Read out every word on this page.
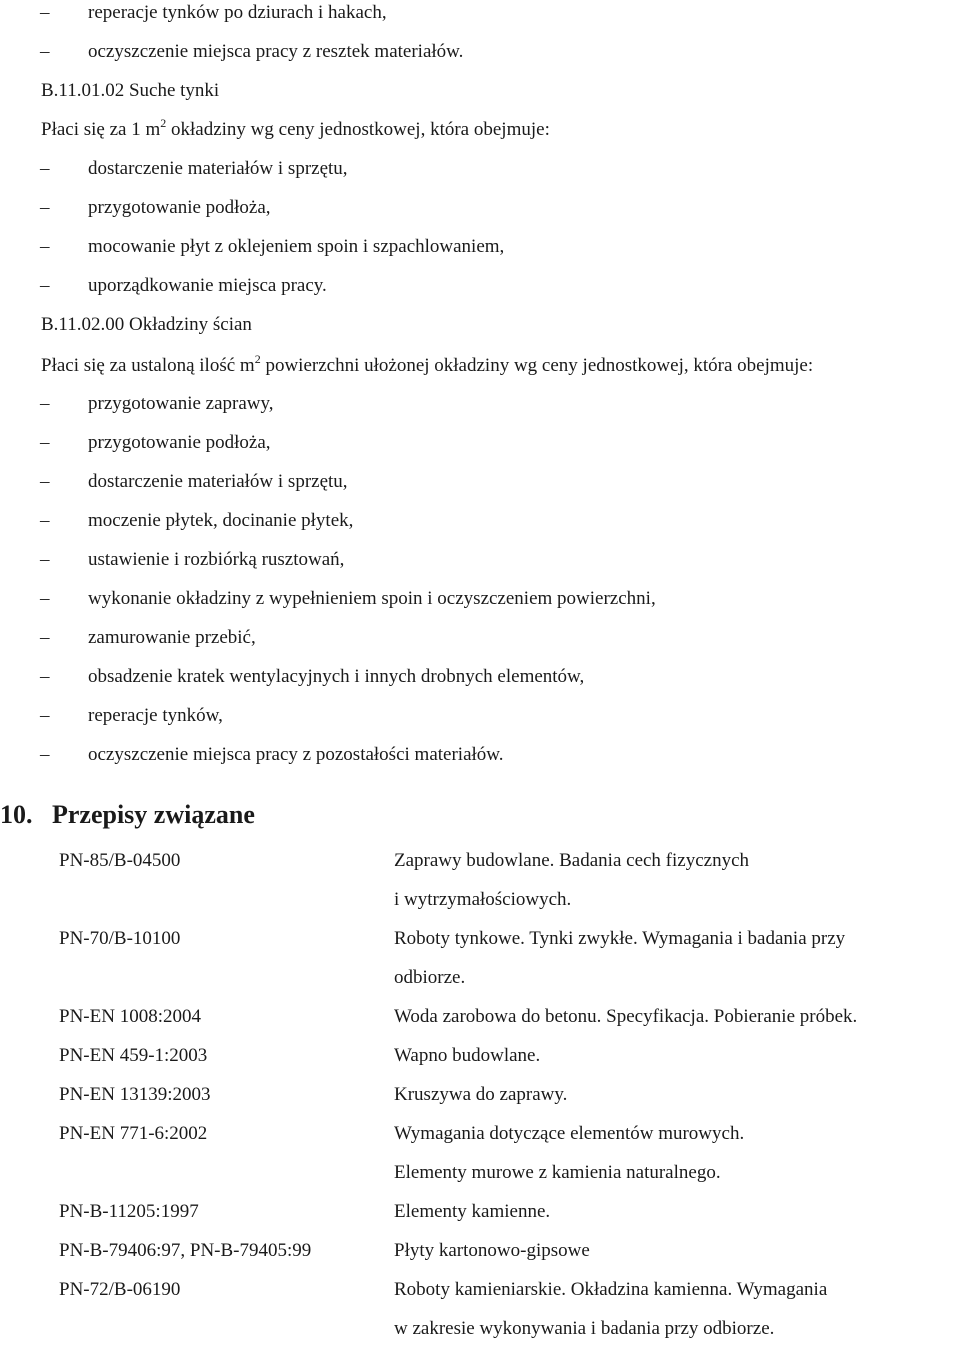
– reperacje tynków po dziurach i hakach,
– oczyszczenie miejsca pracy z resztek materiałów.
B.11.01.02 Suche tynki
Płaci się za 1 $m^2$ okładziny wg ceny jednostkowej, która obejmuje:
– dostarczenie materiałów i sprzętu,
– przygotowanie podłoża,
– mocowanie płyt z oklejeniem spoin i szpachlowaniem,
– uporządkowanie miejsca pracy.
B.11.02.00 Okładziny ścian
Płaci się za ustaloną ilość $m^2$ powierzchni ułożonej okładziny wg ceny jednostkowej, która obejmuje:
– przygotowanie zaprawy,
– przygotowanie podłoża,
– dostarczenie materiałów i sprzętu,
– moczenie płytek, docinanie płytek,
– ustawienie i rozbiórką rusztowań,
– wykonanie okładziny z wypełnieniem spoin i oczyszczeniem powierzchni,
– zamurowanie przebić,
– obsadzenie kratek wentylacyjnych i innych drobnych elementów,
– reperacje tynków,
– oczyszczenie miejsca pracy z pozostałości materiałów.
10. Przepisy związane
PN-85/B-04500	Zaprawy budowlane. Badania cech fizycznych
i wytrzymałościowych.
PN-70/B-10100	Roboty tynkowe. Tynki zwykłe. Wymagania i badania przy
odbiorze.
PN-EN 1008:2004	Woda zarobowa do betonu. Specyfikacja. Pobieranie próbek.
PN-EN 459-1:2003	Wapno budowlane.
PN-EN 13139:2003	Kruszywa do zaprawy.
PN-EN 771-6:2002	Wymagania dotyczące elementów murowych.
Elementy murowe z kamienia naturalnego.
PN-B-11205:1997	Elementy kamienne.
PN-B-79406:97, PN-B-79405:99	Płyty kartonowo-gipsowe
PN-72/B-06190	Roboty kamieniarskie. Okładzina kamienna. Wymagania
w zakresie wykonywania i badania przy odbiorze.
